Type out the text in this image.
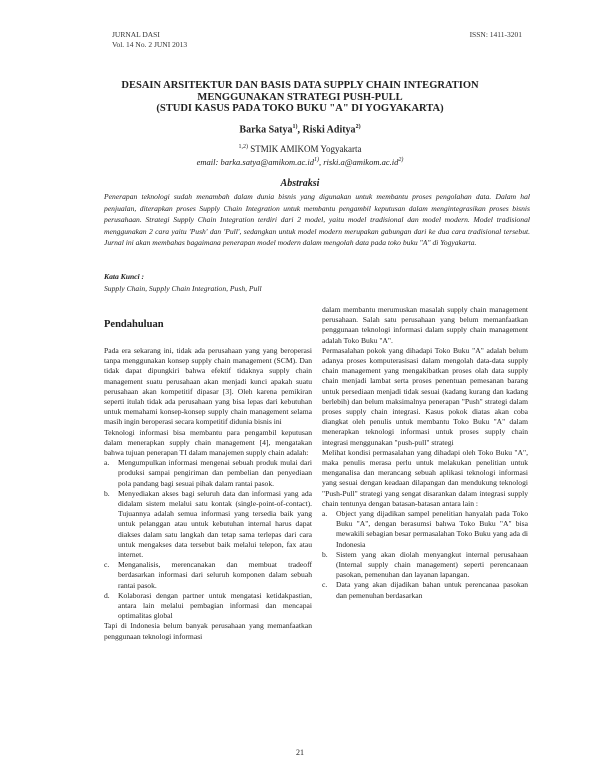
JURNAL DASI
Vol. 14 No. 2 JUNI 2013
ISSN: 1411-3201
DESAIN ARSITEKTUR DAN BASIS DATA SUPPLY CHAIN INTEGRATION
MENGGUNAKAN STRATEGI PUSH-PULL
(STUDI KASUS PADA TOKO BUKU "A" DI YOGYAKARTA)
Barka Satya$^{1)}$, Riski Aditya$^{2)}$
$^{1,2)}$ STMIK AMIKOM Yogyakarta
email: $barka.satya@amikom.ac.id^{1)}$, $riski.a@amikom.ac.id^{2)}$
Abstraksi
Penerapan teknologi sudah menambah dalam dunia bisnis yang digunakan untuk membantu proses pengolahan data. Dalam hal penjualan, diterapkan proses Supply Chain Integration untuk membantu pengambil keputusan dalam mengintegrasikan proses bisnis perusahaan. Strategi Supply Chain Integration terdiri dari 2 model, yaitu model tradisional dan model modern. Model tradisional menggunakan 2 cara yaitu 'Push' dan 'Pull', sedangkan untuk model modern merupakan gabungan dari ke dua cara tradisional tersebut. Jurnal ini akan membahas bagaimana penerapan model modern dalam mengolah data pada toko buku "A" di Yogyakarta.
Kata Kunci :
Supply Chain, Supply Chain Integration, Push, Pull
Pendahuluan

Pada era sekarang ini, tidak ada perusahaan yang yang beroperasi tanpa menggunakan konsep supply chain management (SCM). Dan tidak dapat dipungkiri bahwa efektif tidaknya supply chain management suatu perusahaan akan menjadi kunci apakah suatu perusahaan akan kompetitif dipasar [3]. Oleh karena pemikiran seperti itulah tidak ada perusahaan yang bisa lepas dari kebutuhan untuk memahami konsep-konsep supply chain management selama masih ingin beroperasi secara kompetitif didunia bisnis ini

Teknologi informasi bisa membantu para pengambil keputusan dalam menerapkan supply chain management [4], mengatakan bahwa tujuan penerapan TI dalam manajemen supply chain adalah:

a. Mengumpulkan informasi mengenai sebuah produk mulai dari produksi sampai pengiriman dan pembelian dan penyediaan pola pandang bagi sesuai pihak dalam rantai pasok.
b. Menyediakan akses bagi seluruh data dan informasi yang ada didalam sistem melalui satu kontak (single-point-of-contact). Tujuannya adalah semua informasi yang tersedia baik yang untuk pelanggan atau untuk kebutuhan internal harus dapat diakses dalam satu langkah dan tetap sama terlepas dari cara untuk mengakses data tersebut baik melalui telepon, fax atau internet.
c. Menganalisis, merencanakan dan membuat tradeoff berdasarkan informasi dari seluruh komponen dalam sebuah rantai pasok.
d. Kolaborasi dengan partner untuk mengatasi ketidakpastian, antara lain melalui pembagian informasi dan mencapai optimalitas global

Tapi di Indonesia belum banyak perusahaan yang memanfaatkan penggunaan teknologi informasi

dalam membantu merumuskan masalah supply chain management perusahaan. Salah satu perusahaan yang belum memanfaatkan penggunaan teknologi informasi dalam supply chain management adalah Toko Buku "A".

Permasalahan pokok yang dihadapi Toko Buku "A" adalah belum adanya proses komputerasisasi dalam mengolah data-data supply chain management yang mengakibatkan proses olah data supply chain menjadi lambat serta proses penentuan pemesanan barang untuk persediaan menjadi tidak sesuai (kadang kurang dan kadang berlebih) dan belum maksimalnya penerapan "Push" strategi dalam proses supply chain integrasi. Kasus pokok diatas akan coba diangkat oleh penulis untuk membantu Toko Buku "A" dalam menerapkan teknologi informasi untuk proses supply chain integrasi menggunakan "push-pull" strategi

Melihat kondisi permasalahan yang dihadapi oleh Toko Buku "A", maka penulis merasa perlu untuk melakukan penelitian untuk menganalisa dan merancang sebuah aplikasi teknologi informasi yang sesuai dengan keadaan dilapangan dan mendukung teknologi "Push-Pull" strategi yang sengat disarankan dalam integrasi supply chain tentunya dengan batasan-batasan antara lain :

a. Object yang dijadikan sampel penelitian hanyalah pada Toko Buku "A", dengan berasumsi bahwa Toko Buku "A" bisa mewakili sebagian besar permasalahan Toko Buku yang ada di Indonesia
b. Sistem yang akan diolah menyangkut internal perusahaan (Internal supply chain management) seperti perencanaan pasokan, pemenuhan dan layanan lapangan.
c. Data yang akan dijadikan bahan untuk perencanaa pasokan dan pemenuhan berdasarkan
21
